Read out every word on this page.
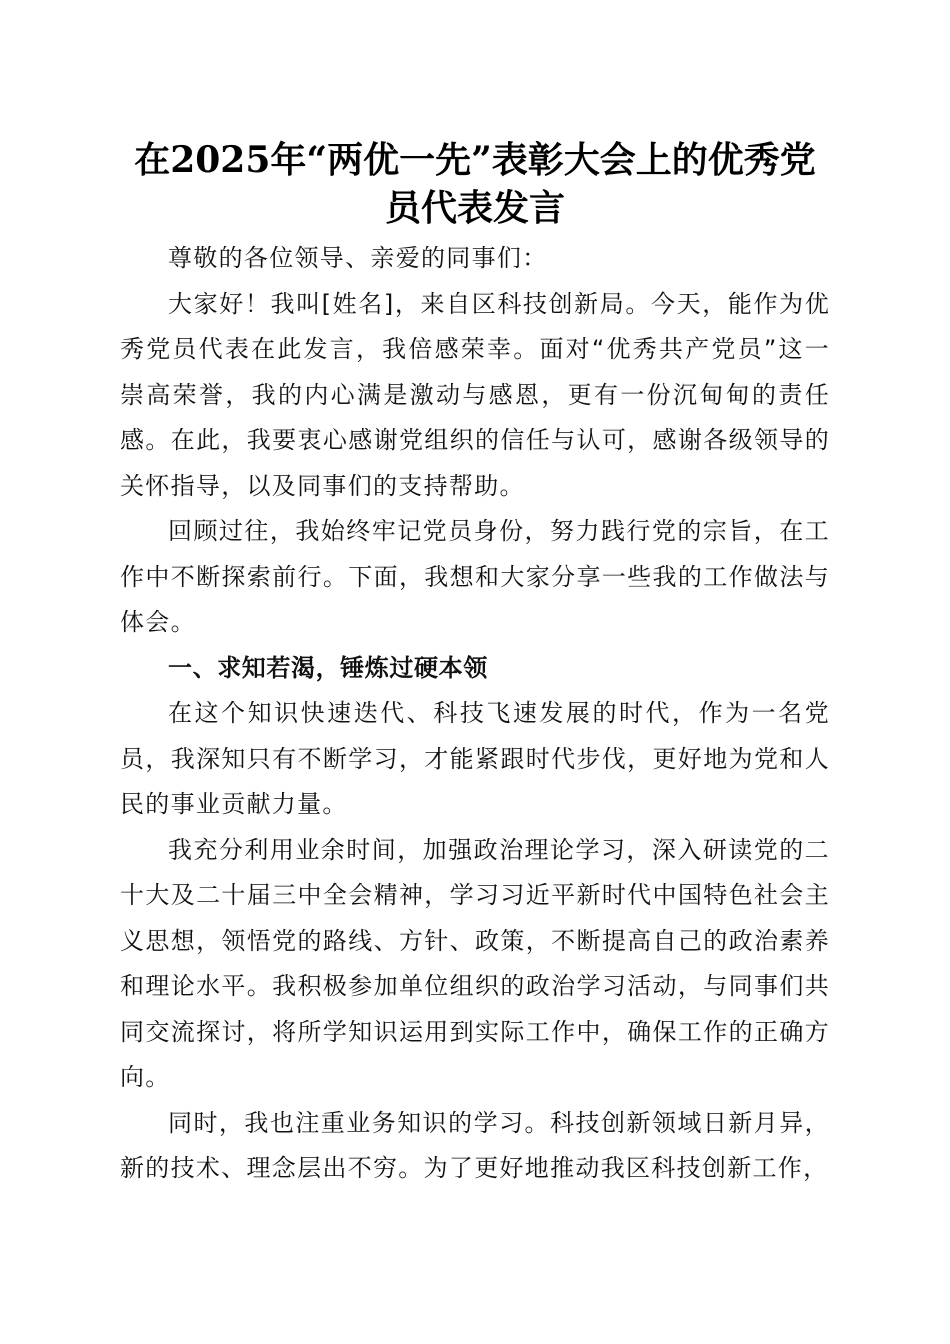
在2025年“两优一先”表彰大会上的优秀党员代表发言

尊敬的各位领导、亲爱的同事们：

大家好！我叫[姓名]，来自区科技创新局。今天，能作为优秀党员代表在此发言，我倍感荣幸。面对“优秀共产党员”这一崇高荣誉，我的内心满是激动与感恩，更有一份沉甸甸的责任感。在此，我要衷心感谢党组织的信任与认可，感谢各级领导的关怀指导，以及同事们的支持帮助。

回顾过往，我始终牢记党员身份，努力践行党的宗旨，在工作中不断探索前行。下面，我想和大家分享一些我的工作做法与体会。

一、求知若渴，锤炼过硬本领

在这个知识快速迭代、科技飞速发展的时代，作为一名党员，我深知只有不断学习，才能紧跟时代步伐，更好地为党和人民的事业贡献力量。

我充分利用业余时间，加强政治理论学习，深入研读党的二十大及二十届三中全会精神，学习习近平新时代中国特色社会主义思想，领悟党的路线、方针、政策，不断提高自己的政治素养和理论水平。我积极参加单位组织的政治学习活动，与同事们共同交流探讨，将所学知识运用到实际工作中，确保工作的正确方向。

同时，我也注重业务知识的学习。科技创新领域日新月异，新的技术、理念层出不穷。为了更好地推动我区科技创新工作，
